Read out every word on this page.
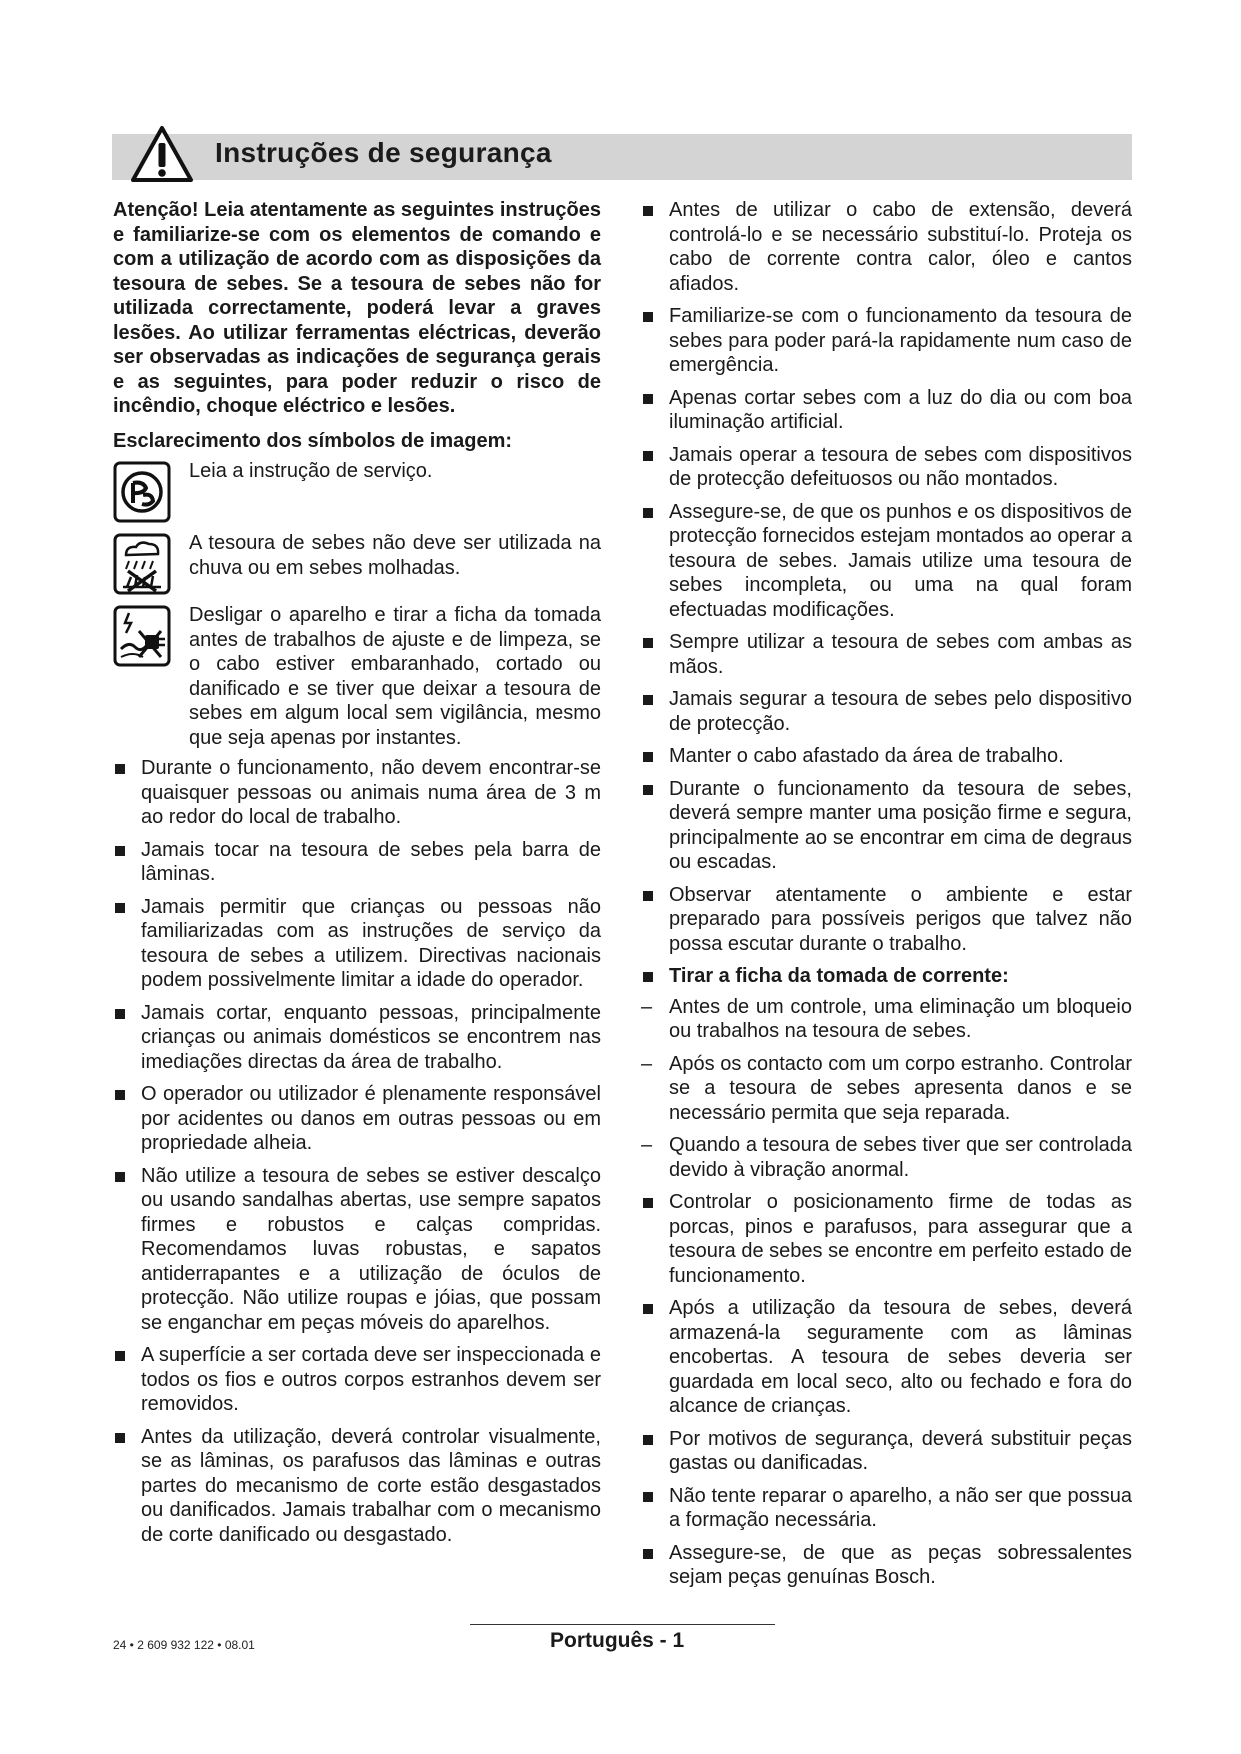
Instruções de segurança

Atenção! Leia atentamente as seguintes instruções e familiarize-se com os elementos de comando e com a utilização de acordo com as disposições da tesoura de sebes. Se a tesoura de sebes não for utilizada correctamente, poderá levar a graves lesões. Ao utilizar ferramentas eléctricas, deverão ser observadas as indicações de segurança gerais e as seguintes, para poder reduzir o risco de incêndio, choque eléctrico e lesões.

Esclarecimento dos símbolos de imagem:

Leia a instrução de serviço.

A tesoura de sebes não deve ser utilizada na chuva ou em sebes molhadas.

Desligar o aparelho e tirar a ficha da tomada antes de trabalhos de ajuste e de limpeza, se o cabo estiver embaranhado, cortado ou danificado e se tiver que deixar a tesoura de sebes em algum local sem vigilância, mesmo que seja apenas por instantes.

Durante o funcionamento, não devem encontrar-se quaisquer pessoas ou animais numa área de 3 m ao redor do local de trabalho.

Jamais tocar na tesoura de sebes pela barra de lâminas.

Jamais permitir que crianças ou pessoas não familiarizadas com as instruções de serviço da tesoura de sebes a utilizem. Directivas nacionais podem possivelmente limitar a idade do operador.

Jamais cortar, enquanto pessoas, principalmente crianças ou animais domésticos se encontrem nas imediações directas da área de trabalho.

O operador ou utilizador é plenamente responsável por acidentes ou danos em outras pessoas ou em propriedade alheia.

Não utilize a tesoura de sebes se estiver descalço ou usando sandalhas abertas, use sempre sapatos firmes e robustos e calças compridas. Recomendamos luvas robustas, e sapatos antiderrapantes e a utilização de óculos de protecção. Não utilize roupas e jóias, que possam se enganchar em peças móveis do aparelhos.

A superfície a ser cortada deve ser inspeccionada e todos os fios e outros corpos estranhos devem ser removidos.

Antes da utilização, deverá controlar visualmente, se as lâminas, os parafusos das lâminas e outras partes do mecanismo de corte estão desgastados ou danificados. Jamais trabalhar com o mecanismo de corte danificado ou desgastado.

Antes de utilizar o cabo de extensão, deverá controlá-lo e se necessário substituí-lo. Proteja os cabo de corrente contra calor, óleo e cantos afiados.

Familiarize-se com o funcionamento da tesoura de sebes para poder pará-la rapidamente num caso de emergência.

Apenas cortar sebes com a luz do dia ou com boa iluminação artificial.

Jamais operar a tesoura de sebes com dispositivos de protecção defeituosos ou não montados.

Assegure-se, de que os punhos e os dispositivos de protecção fornecidos estejam montados ao operar a tesoura de sebes. Jamais utilize uma tesoura de sebes incompleta, ou uma na qual foram efectuadas modificações.

Sempre utilizar a tesoura de sebes com ambas as mãos.

Jamais segurar a tesoura de sebes pelo dispositivo de protecção.

Manter o cabo afastado da área de trabalho.

Durante o funcionamento da tesoura de sebes, deverá sempre manter uma posição firme e segura, principalmente ao se encontrar em cima de degraus ou escadas.

Observar atentamente o ambiente e estar preparado para possíveis perigos que talvez não possa escutar durante o trabalho.

Tirar a ficha da tomada de corrente:

– Antes de um controle, uma eliminação um bloqueio ou trabalhos na tesoura de sebes.

– Após os contacto com um corpo estranho. Controlar se a tesoura de sebes apresenta danos e se necessário permita que seja reparada.

– Quando a tesoura de sebes tiver que ser controlada devido à vibração anormal.

Controlar o posicionamento firme de todas as porcas, pinos e parafusos, para assegurar que a tesoura de sebes se encontre em perfeito estado de funcionamento.

Após a utilização da tesoura de sebes, deverá armazená-la seguramente com as lâminas encobertas. A tesoura de sebes deveria ser guardada em local seco, alto ou fechado e fora do alcance de crianças.

Por motivos de segurança, deverá substituir peças gastas ou danificadas.

Não tente reparar o aparelho, a não ser que possua a formação necessária.

Assegure-se, de que as peças sobressalentes sejam peças genuínas Bosch.

24 • 2 609 932 122 • 08.01	Português - 1
